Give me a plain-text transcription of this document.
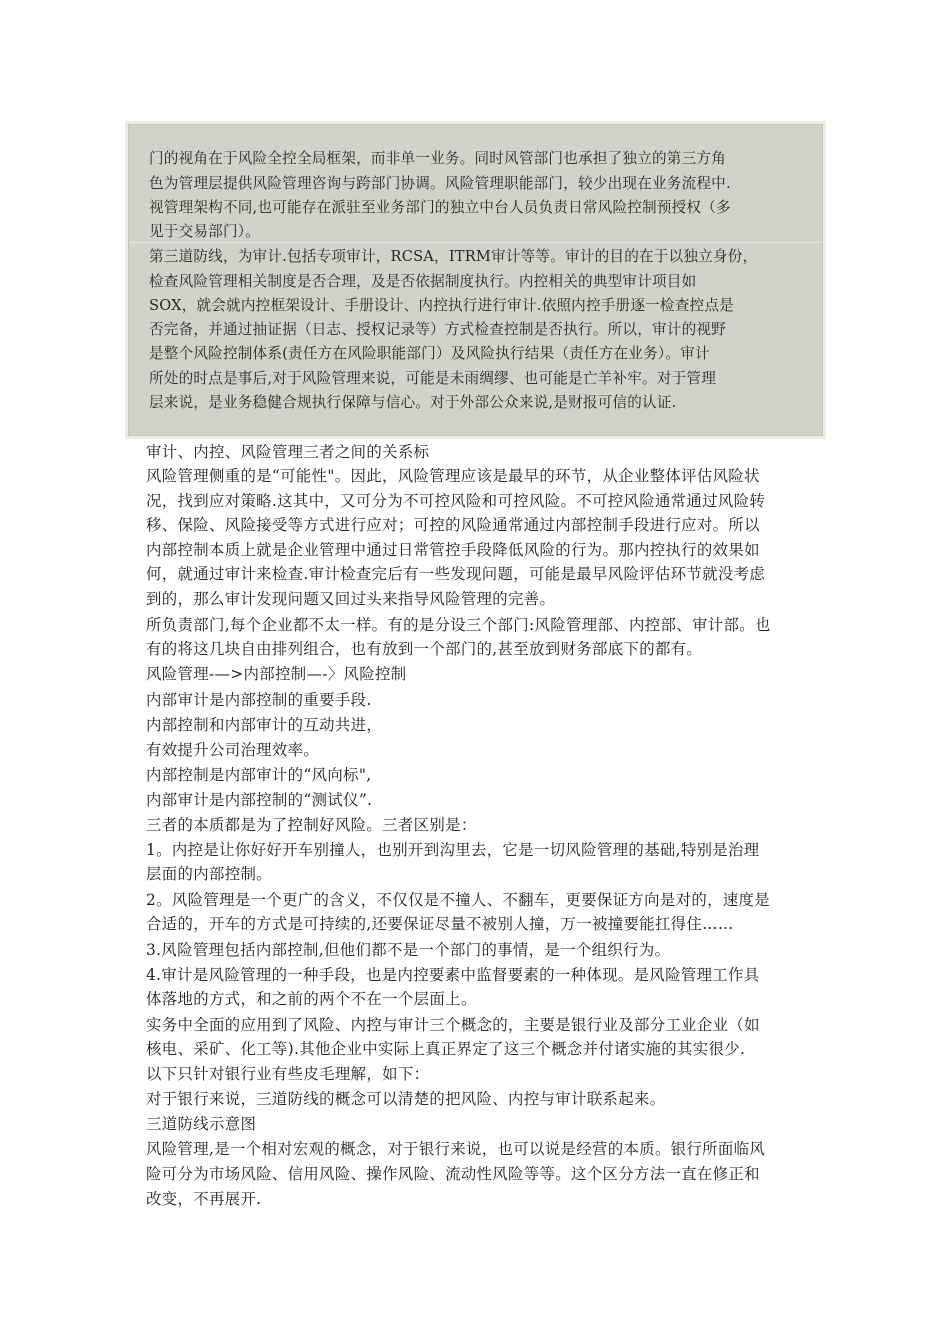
门的视角在于风险全控全局框架，而非单一业务。同时风管部门也承担了独立的第三方角
色为管理层提供风险管理咨询与跨部门协调。风险管理职能部门，较少出现在业务流程中.
视管理架构不同,也可能存在派驻至业务部门的独立中台人员负责日常风险控制预授权（多
见于交易部门）。
第三道防线，为审计.包括专项审计，RCSA，ITRM审计等等。审计的目的在于以独立身份，
检查风险管理相关制度是否合理，及是否依据制度执行。内控相关的典型审计项目如
SOX，就会就内控框架设计、手册设计、内控执行进行审计.依照内控手册逐一检查控点是
否完备，并通过抽证据（日志、授权记录等）方式检查控制是否执行。所以，审计的视野
是整个风险控制体系(责任方在风险职能部门）及风险执行结果（责任方在业务）。审计
所处的时点是事后,对于风险管理来说，可能是未雨绸缪、也可能是亡羊补牢。对于管理
层来说，是业务稳健合规执行保障与信心。对于外部公众来说,是财报可信的认证.
审计、内控、风险管理三者之间的关系标
风险管理侧重的是“可能性"。因此，风险管理应该是最早的环节，从企业整体评估风险状
况，找到应对策略.这其中，又可分为不可控风险和可控风险。不可控风险通常通过风险转
移、保险、风险接受等方式进行应对；可控的风险通常通过内部控制手段进行应对。所以
内部控制本质上就是企业管理中通过日常管控手段降低风险的行为。那内控执行的效果如
何，就通过审计来检查.审计检查完后有一些发现问题，可能是最早风险评估环节就没考虑
到的，那么审计发现问题又回过头来指导风险管理的完善。
所负责部门,每个企业都不太一样。有的是分设三个部门:风险管理部、内控部、审计部。也
有的将这几块自由排列组合，也有放到一个部门的,甚至放到财务部底下的都有。
风险管理-—>内部控制—-〉风险控制
内部审计是内部控制的重要手段.
内部控制和内部审计的互动共进，
有效提升公司治理效率。
内部控制是内部审计的“风向标",
内部审计是内部控制的“测试仪”.
三者的本质都是为了控制好风险。三者区别是：
1。内控是让你好好开车别撞人，也别开到沟里去，它是一切风险管理的基础,特别是治理
层面的内部控制。
2。风险管理是一个更广的含义，不仅仅是不撞人、不翻车，更要保证方向是对的，速度是
合适的，开车的方式是可持续的,还要保证尽量不被别人撞，万一被撞要能扛得住……
3.风险管理包括内部控制,但他们都不是一个部门的事情，是一个组织行为。
4.审计是风险管理的一种手段，也是内控要素中监督要素的一种体现。是风险管理工作具
体落地的方式，和之前的两个不在一个层面上。
实务中全面的应用到了风险、内控与审计三个概念的，主要是银行业及部分工业企业（如
核电、采矿、化工等).其他企业中实际上真正界定了这三个概念并付诸实施的其实很少.
以下只针对银行业有些皮毛理解，如下：
对于银行来说，三道防线的概念可以清楚的把风险、内控与审计联系起来。
三道防线示意图
风险管理,是一个相对宏观的概念，对于银行来说，也可以说是经营的本质。银行所面临风
险可分为市场风险、信用风险、操作风险、流动性风险等等。这个区分方法一直在修正和
改变，不再展开.
